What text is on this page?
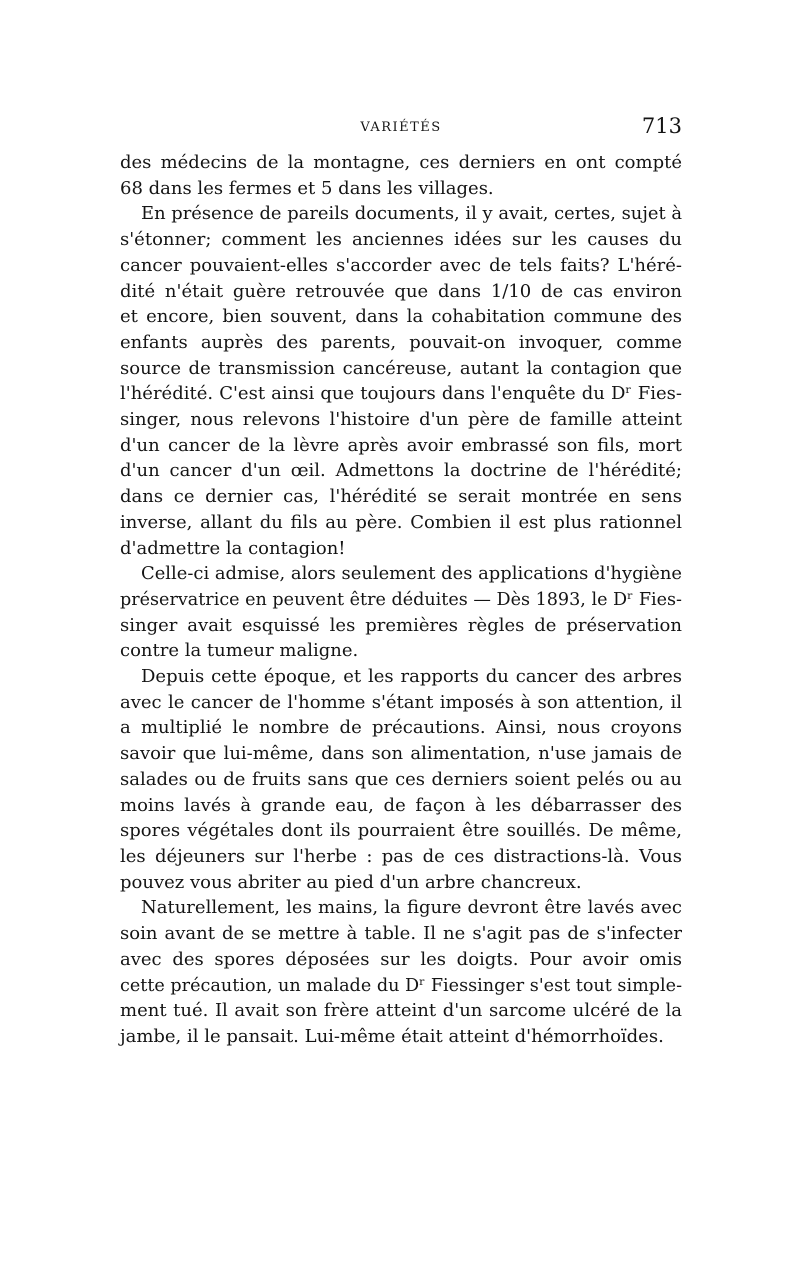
VARIÉTÉS	713

des médecins de la montagne, ces derniers en ont compté
68 dans les fermes et 5 dans les villages.

En présence de pareils documents, il y avait, certes, sujet à
s'étonner; comment les anciennes idées sur les causes du
cancer pouvaient-elles s'accorder avec de tels faits? L'héré-
dité n'était guère retrouvée que dans 1/10 de cas environ
et encore, bien souvent, dans la cohabitation commune des
enfants auprès des parents, pouvait-on invoquer, comme
source de transmission cancéreuse, autant la contagion que
l'hérédité. C'est ainsi que toujours dans l'enquête du Dʳ Fies-
singer, nous relevons l'histoire d'un père de famille atteint
d'un cancer de la lèvre après avoir embrassé son fils, mort
d'un cancer d'un œil. Admettons la doctrine de l'hérédité;
dans ce dernier cas, l'hérédité se serait montrée en sens
inverse, allant du fils au père. Combien il est plus rationnel
d'admettre la contagion!

Celle-ci admise, alors seulement des applications d'hygiène
préservatrice en peuvent être déduites — Dès 1893, le Dʳ Fies-
singer avait esquissé les premières règles de préservation
contre la tumeur maligne.

Depuis cette époque, et les rapports du cancer des arbres
avec le cancer de l'homme s'étant imposés à son attention, il
a multiplié le nombre de précautions. Ainsi, nous croyons
savoir que lui-même, dans son alimentation, n'use jamais de
salades ou de fruits sans que ces derniers soient pelés ou au
moins lavés à grande eau, de façon à les débarrasser des
spores végétales dont ils pourraient être souillés. De même,
les déjeuners sur l'herbe : pas de ces distractions-là. Vous
pouvez vous abriter au pied d'un arbre chancreux.

Naturellement, les mains, la figure devront être lavés avec
soin avant de se mettre à table. Il ne s'agit pas de s'infecter
avec des spores déposées sur les doigts. Pour avoir omis
cette précaution, un malade du Dʳ Fiessinger s'est tout simple-
ment tué. Il avait son frère atteint d'un sarcome ulcéré de la
jambe, il le pansait. Lui-même était atteint d'hémorrhoïdes.
